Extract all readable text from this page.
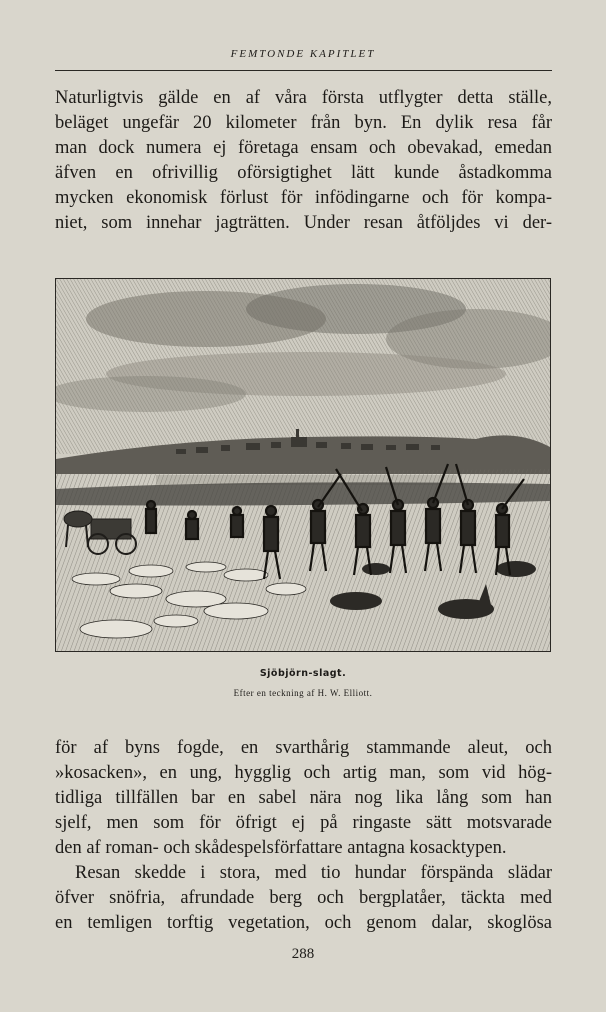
FEMTONDE KAPITLET
Naturligtvis gälde en af våra första utflygter detta ställe,
beläget ungefär 20 kilometer från byn. En dylik resa får
man dock numera ej företaga ensam och obevakad, emedan
äfven en ofrivillig oförsigtighet lätt kunde åstadkomma
mycken ekonomisk förlust för infödingarne och för kompa-
niet, som innehar jagträtten. Under resan åtföljdes vi der-
Sjöbjörn-slagt.
Efter en teckning af H. W. Elliott.
för af byns fogde, en svarthårig stammande aleut, och
»kosacken», en ung, hygglig och artig man, som vid hög-
tidliga tillfällen bar en sabel nära nog lika lång som han
sjelf, men som för öfrigt ej på ringaste sätt motsvarade
den af roman- och skådespelsförfattare antagna kosacktypen.
Resan skedde i stora, med tio hundar förspända slädar
öfver snöfria, afrundade berg och bergplatåer, täckta med
en temligen torftig vegetation, och genom dalar, skoglösa
288
